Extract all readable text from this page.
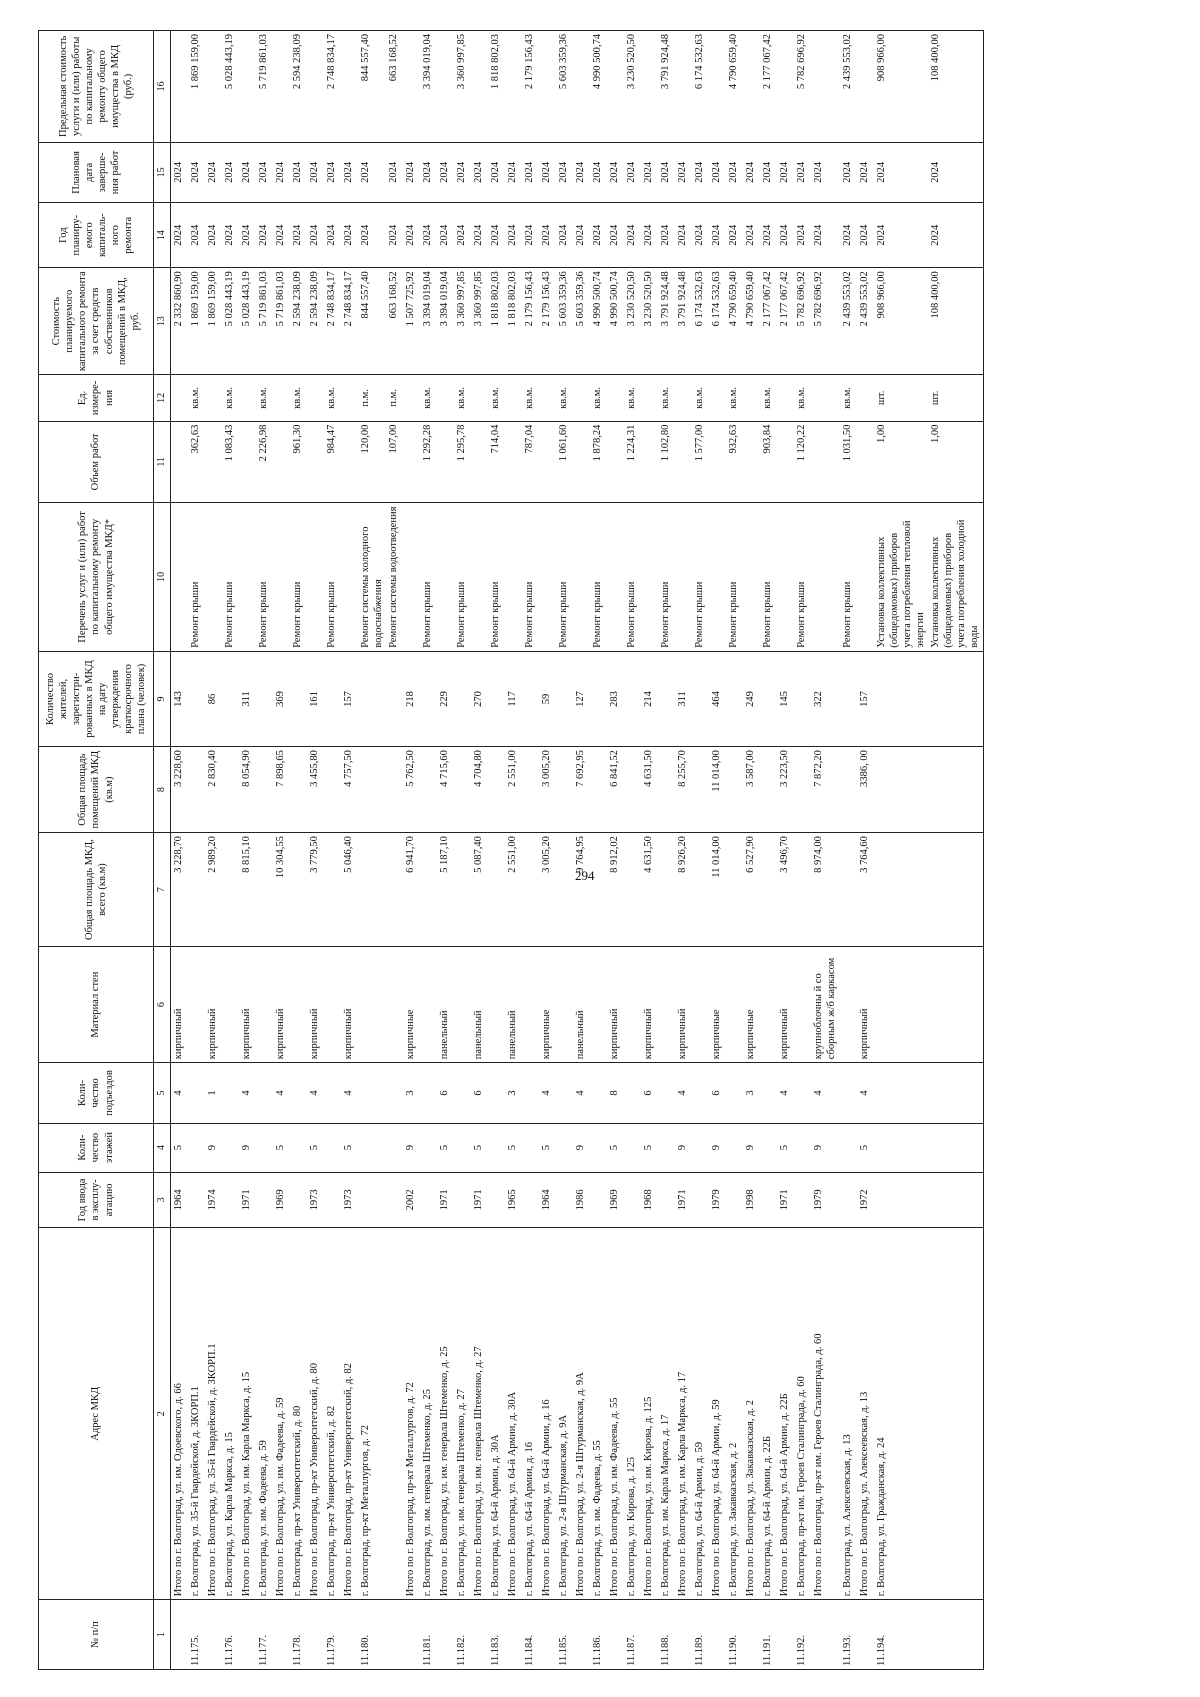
294
№ п/п	Адрес МКД	Год ввода в эксплу-атацию	Коли-чество этажей	Коли-чество подъездов	Материал стен	Общая площадь МКД, всего (кв.м)	Общая площадь помещений МКД (кв.м)	Количество жителей, зарегистри-рованных в МКД на дату утверждения краткосрочного плана (человек)	Перечень услуг и (или) работ по капитальному ремонту общего имущества МКД*	Объем работ	Ед. измере-ния	Стоимость планируемого капитального ремонта за счет средств собственников помещений в МКД, руб.	Год планиру-емого капиталь-ного ремонта	Плановая дата заверше-ния работ	Предельная стоимость услуги и (или) работы по капитальному ремонту общего имущества в МКД (руб.)
1	2	3	4	5	6	7	8	9	10	11	12	13	14	15	16
	Итого по г. Волгоград, ул. им. Одоевского, д. 66	1964	5	4	кирпичный	3 228,70	3 228,60	143				2 332 860,90	2024	2024	
11.175.	г. Волгоград, ул. 35-й Гвардейской, д. 3КОРП.1								Ремонт крыши	362,63	кв.м.	1 869 159,00	2024	2024	1 869 159,00
	Итого по г. Волгоград, ул. 35-й Гвардейской, д. 3КОРП.1	1974	9	1	кирпичный	2 989,20	2 830,40	86				1 869 159,00	2024	2024	
11.176.	г. Волгоград, ул. Карла Маркса, д. 15								Ремонт крыши	1 083,43	кв.м.	5 028 443,19	2024	2024	5 028 443,19
	Итого по г. Волгоград, ул. им. Карла Маркса, д. 15	1971	9	4	кирпичный	8 815,10	8 054,90	311				5 028 443,19	2024	2024	
11.177.	г. Волгоград, ул. им. Фадеева, д. 59								Ремонт крыши	2 226,98	кв.м.	5 719 861,03	2024	2024	5 719 861,03
	Итого по г. Волгоград, ул. им. Фадеева, д. 59	1969	5	4	кирпичный	10 304,55	7 898,65	369				5 719 861,03	2024	2024	
11.178.	г. Волгоград, пр-кт Университетский, д. 80								Ремонт крыши	961,30	кв.м.	2 594 238,09	2024	2024	2 594 238,09
	Итого по г. Волгоград, пр-кт Университетский, д. 80	1973	5	4	кирпичный	3 779,50	3 455,80	161				2 594 238,09	2024	2024	
11.179.	г. Волгоград, пр-кт Университетский, д. 82								Ремонт крыши	984,47	кв.м.	2 748 834,17	2024	2024	2 748 834,17
	Итого по г. Волгоград, пр-кт Университетский, д. 82	1973	5	4	кирпичный	5 046,40	4 757,50	157				2 748 834,17	2024	2024	
11.180.	г. Волгоград, пр-кт Металлургов, д. 72								Ремонт системы холодного водоснабжения	120,00	п.м.	844 557,40	2024	2024	844 557,40
									Ремонт системы водоотведения	107,00	п.м.	663 168,52	2024	2024	663 168,52
	Итого по г. Волгоград, пр-кт Металлургов, д. 72	2002	9	3	кирпичные	6 941,70	5 762,50	218				1 507 725,92	2024	2024	
11.181.	г. Волгоград, ул. им. генерала Штеменко, д. 25								Ремонт крыши	1 292,28	кв.м.	3 394 019,04	2024	2024	3 394 019,04
	Итого по г. Волгоград, ул. им. генерала Штеменко, д. 25	1971	5	6	панельный	5 187,10	4 715,60	229				3 394 019,04	2024	2024	
11.182.	г. Волгоград, ул. им. генерала Штеменко, д. 27								Ремонт крыши	1 295,78	кв.м.	3 360 997,85	2024	2024	3 360 997,85
	Итого по г. Волгоград, ул. им. генерала Штеменко, д. 27	1971	5	6	панельный	5 087,40	4 704,80	270				3 360 997,85	2024	2024	
11.183.	г. Волгоград, ул. 64-й Армии, д. 30А								Ремонт крыши	714,04	кв.м.	1 818 802,03	2024	2024	1 818 802,03
	Итого по г. Волгоград, ул. 64-й Армии, д. 30А	1965	5	3	панельный	2 551,00	2 551,00	117				1 818 802,03	2024	2024	
11.184.	г. Волгоград, ул. 64-й Армии, д. 16								Ремонт крыши	787,04	кв.м.	2 179 156,43	2024	2024	2 179 156,43
	Итого по г. Волгоград, ул. 64-й Армии, д. 16	1964	5	4	кирпичные	3 005,20	3 005,20	59				2 179 156,43	2024	2024	
11.185.	г. Волгоград, ул. 2-я Штурманская, д. 9А								Ремонт крыши	1 061,60	кв.м.	5 603 359,36	2024	2024	5 603 359,36
	Итого по г. Волгоград, ул. 2-я Штурманская, д. 9А	1986	9	4	панельный	9 764,95	7 692,95	127				5 603 359,36	2024	2024	
11.186.	г. Волгоград, ул. им. Фадеева, д. 55								Ремонт крыши	1 878,24	кв.м.	4 990 500,74	2024	2024	4 990 500,74
	Итого по г. Волгоград, ул. им. Фадеева, д. 55	1969	5	8	кирпичный	8 912,02	6 841,52	283				4 990 500,74	2024	2024	
11.187.	г. Волгоград, ул. Кирова, д. 125								Ремонт крыши	1 224,31	кв.м.	3 230 520,50	2024	2024	3 230 520,50
	Итого по г. Волгоград, ул. им. Кирова, д. 125	1968	5	6	кирпичный	4 631,50	4 631,50	214				3 230 520,50	2024	2024	
11.188.	г. Волгоград, ул. им. Карла Маркса, д. 17								Ремонт крыши	1 102,80	кв.м.	3 791 924,48	2024	2024	3 791 924,48
	Итого по г. Волгоград, ул. им. Карла Маркса, д. 17	1971	9	4	кирпичный	8 926,20	8 255,70	311				3 791 924,48	2024	2024	
11.189.	г. Волгоград, ул. 64-й Армии, д. 59								Ремонт крыши	1 577,00	кв.м.	6 174 532,63	2024	2024	6 174 532,63
	Итого по г. Волгоград, ул. 64-й Армии, д. 59	1979	9	6	кирпичные	11 014,00	11 014,00	464				6 174 532,63	2024	2024	
11.190.	г. Волгоград, ул. Закавказская, д. 2								Ремонт крыши	932,63	кв.м.	4 790 659,40	2024	2024	4 790 659,40
	Итого по г. Волгоград, ул. Закавказская, д. 2	1998	9	3	кирпичные	6 527,90	3 587,00	249				4 790 659,40	2024	2024	
11.191.	г. Волгоград, ул. 64-й Армии, д. 22Б								Ремонт крыши	903,84	кв.м.	2 177 067,42	2024	2024	2 177 067,42
	Итого по г. Волгоград, ул. 64-й Армии, д. 22Б	1971	5	4	кирпичный	3 496,70	3 223,50	145				2 177 067,42	2024	2024	
11.192.	г. Волгоград, пр-кт им. Героев Сталинграда, д. 60								Ремонт крыши	1 120,22	кв.м.	5 782 696,92	2024	2024	5 782 696,92
	Итого по г. Волгоград, пр-кт им. Героев Сталинграда, д. 60	1979	9	4	крупноблочны й со сборным ж/б каркасом	8 974,00	7 872,20	322				5 782 696,92	2024	2024	
11.193.	г. Волгоград, ул. Алексеевская, д. 13								Ремонт крыши	1 031,50	кв.м.	2 439 553,02	2024	2024	2 439 553,02
	Итого по г. Волгоград, ул. Алексеевская, д. 13	1972	5	4	кирпичный	3 764,60	3386, 00	157				2 439 553,02	2024	2024	
11.194.	г. Волгоград, ул. Гражданская, д. 24								Установка коллективных (общедомовых) приборов учета потребления тепловой энергии	1,00	шт.	908 966,00	2024	2024	908 966,00
									Установка коллективных (общедомовых) приборов учета потребления холодной воды	1,00	шт.	108 400,00	2024	2024	108 400,00
